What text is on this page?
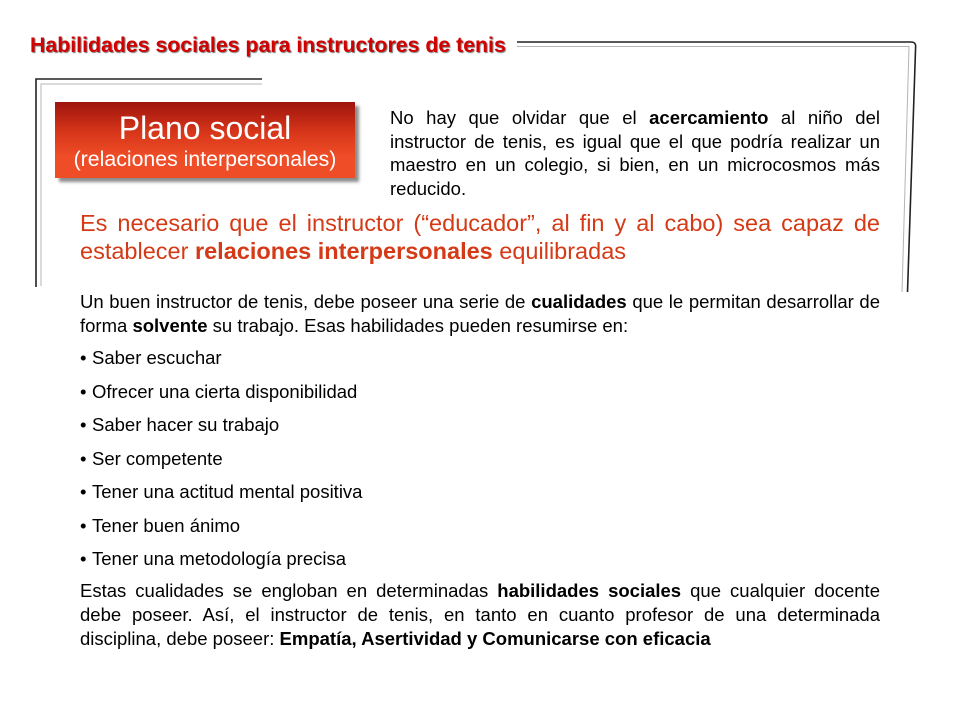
Habilidades sociales para instructores de tenis
Plano social
(relaciones interpersonales)

No hay que olvidar que el acercamiento al niño del instructor de tenis, es igual que el que podría realizar un maestro en un colegio, si bien, en un microcosmos más reducido.

Es necesario que el instructor (“educador”, al fin y al cabo) sea capaz de establecer relaciones interpersonales equilibradas

Un buen instructor de tenis, debe poseer una serie de cualidades que le permitan desarrollar de forma solvente su trabajo. Esas habilidades pueden resumirse en:

• Saber escuchar
• Ofrecer una cierta disponibilidad
• Saber hacer su trabajo
• Ser competente
• Tener una actitud mental positiva
• Tener buen ánimo
• Tener una metodología precisa

Estas cualidades se engloban en determinadas habilidades sociales que cualquier docente debe poseer. Así, el instructor de tenis, en tanto en cuanto profesor de una determinada disciplina, debe poseer: Empatía, Asertividad y Comunicarse con eficacia
